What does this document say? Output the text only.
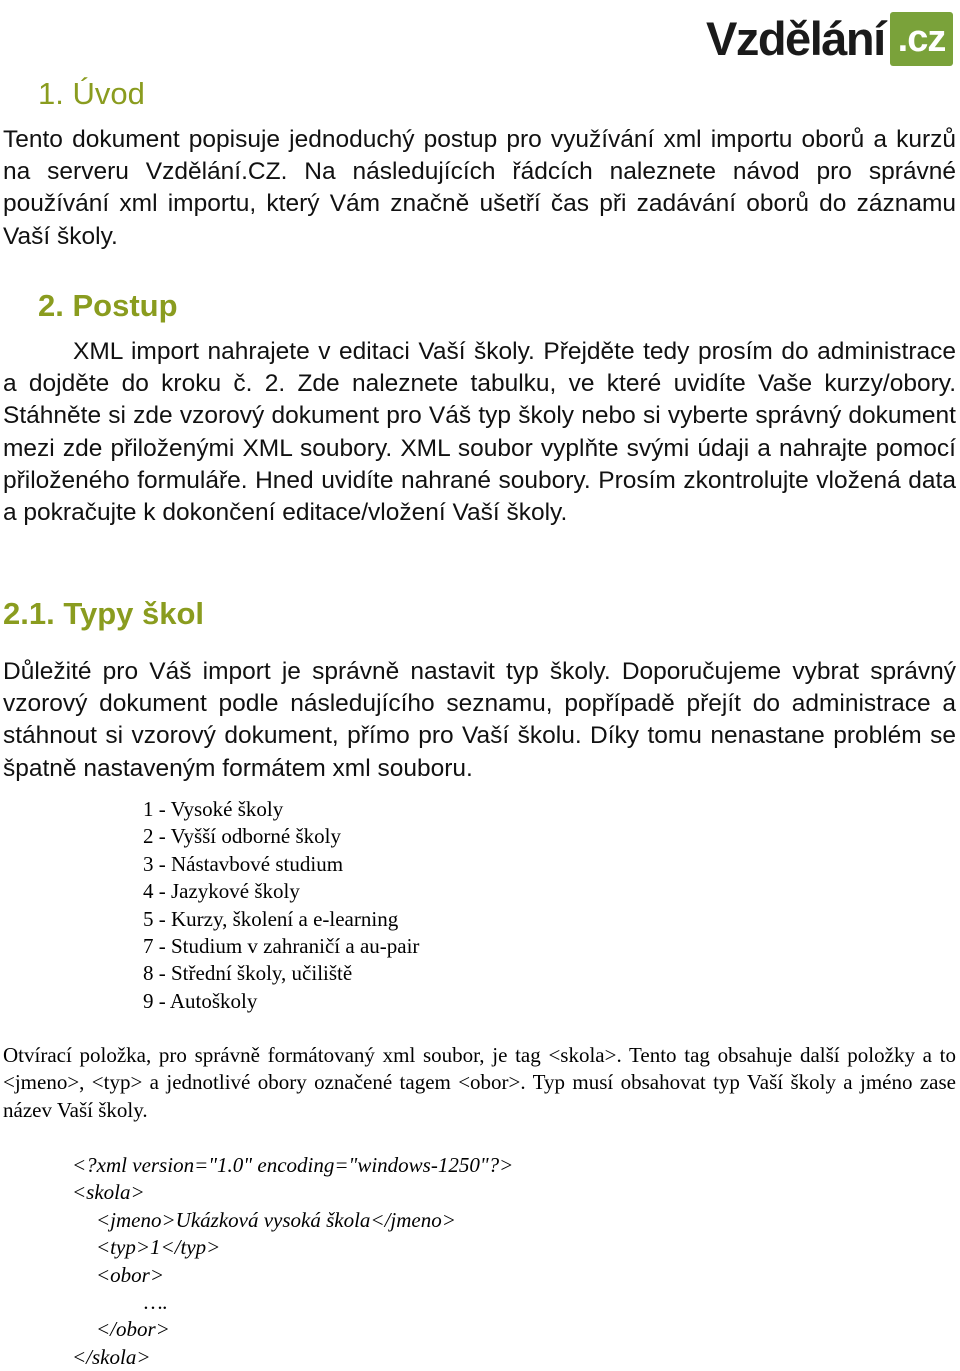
Vzdělání .cz
1. Úvod

Tento dokument popisuje jednoduchý postup pro využívání xml importu oborů a kurzů na serveru Vzdělání.CZ. Na následujících řádcích naleznete návod pro správné používání xml importu, který Vám značně ušetří čas při zadávání oborů do záznamu Vaší školy.

2. Postup

XML import nahrajete v editaci Vaší školy. Přejděte tedy prosím do administrace a dojděte do kroku č. 2. Zde naleznete tabulku, ve které uvidíte Vaše kurzy/obory. Stáhněte si zde vzorový dokument pro Váš typ školy nebo si vyberte správný dokument mezi zde přiloženými XML soubory. XML soubor vyplňte svými údaji a nahrajte pomocí přiloženého formuláře. Hned uvidíte nahrané soubory. Prosím zkontrolujte vložená data a pokračujte k dokončení editace/vložení Vaší školy.

2.1. Typy škol

Důležité pro Váš import je správně nastavit typ školy. Doporučujeme vybrat správný vzorový dokument podle následujícího seznamu, popřípadě přejít do administrace a stáhnout si vzorový dokument, přímo pro Vaší školu. Díky tomu nenastane problém se špatně nastaveným formátem xml souboru.

1 - Vysoké školy
2 - Vyšší odborné školy
3 - Nástavbové studium
4 - Jazykové školy
5 - Kurzy, školení a e-learning
7 - Studium v zahraničí a au-pair
8 - Střední školy, učiliště
9 - Autoškoly

Otvírací položka, pro správně formátovaný xml soubor, je tag <skola>. Tento tag obsahuje další položky a to <jmeno>, <typ> a jednotlivé obory označené tagem <obor>. Typ musí obsahovat typ Vaší školy a jméno zase název Vaší školy.

<?xml version="1.0" encoding="windows-1250"?>
<skola>
<jmeno>Ukázková vysoká škola</jmeno>
<typ>1</typ>
<obor>
….
</obor>
</skola>
